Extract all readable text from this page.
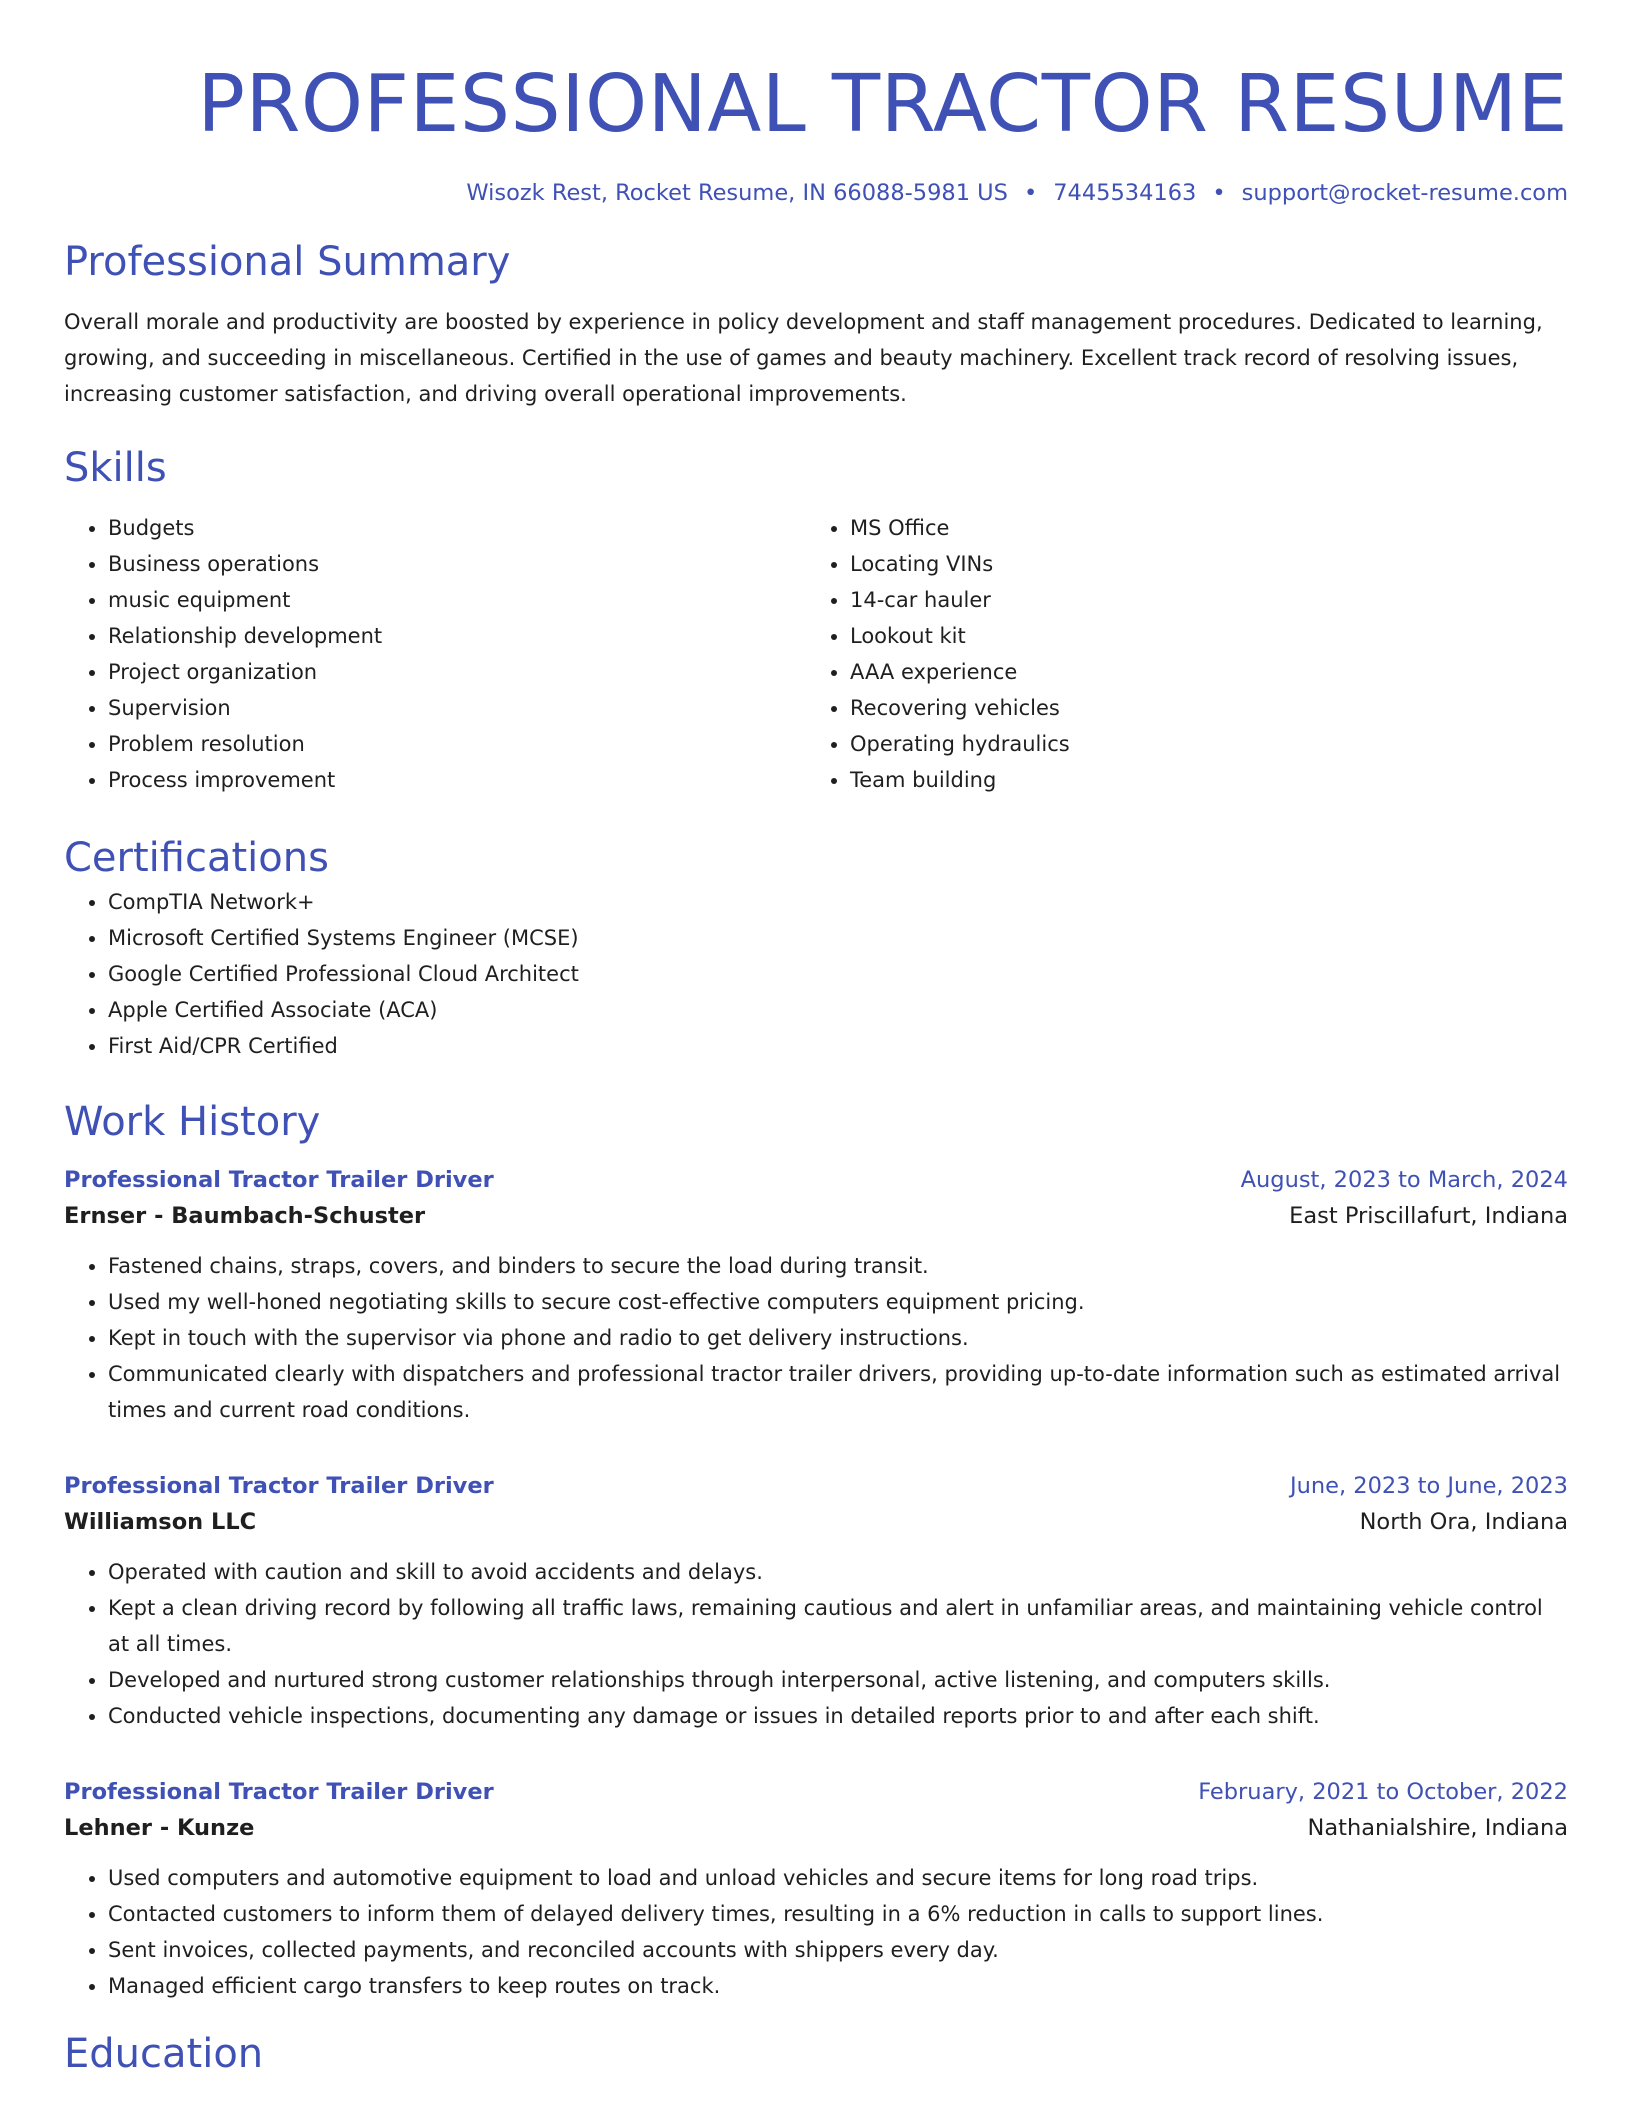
PROFESSIONAL TRACTOR RESUME
Wisozk Rest, Rocket Resume, IN 66088-5981 US • 7445534163 • support@rocket-resume.com
Professional Summary
Overall morale and productivity are boosted by experience in policy development and staff management procedures. Dedicated to learning, growing, and succeeding in miscellaneous. Certified in the use of games and beauty machinery. Excellent track record of resolving issues, increasing customer satisfaction, and driving overall operational improvements.
Skills
• Budgets
• Business operations
• music equipment
• Relationship development
• Project organization
• Supervision
• Problem resolution
• Process improvement
• MS Office
• Locating VINs
• 14-car hauler
• Lookout kit
• AAA experience
• Recovering vehicles
• Operating hydraulics
• Team building
Certifications
• CompTIA Network+
• Microsoft Certified Systems Engineer (MCSE)
• Google Certified Professional Cloud Architect
• Apple Certified Associate (ACA)
• First Aid/CPR Certified
Work History
Professional Tractor Trailer Driver	August, 2023 to March, 2024
Ernser - Baumbach-Schuster	East Priscillafurt, Indiana
• Fastened chains, straps, covers, and binders to secure the load during transit.
• Used my well-honed negotiating skills to secure cost-effective computers equipment pricing.
• Kept in touch with the supervisor via phone and radio to get delivery instructions.
• Communicated clearly with dispatchers and professional tractor trailer drivers, providing up-to-date information such as estimated arrival times and current road conditions.
Professional Tractor Trailer Driver	June, 2023 to June, 2023
Williamson LLC	North Ora, Indiana
• Operated with caution and skill to avoid accidents and delays.
• Kept a clean driving record by following all traffic laws, remaining cautious and alert in unfamiliar areas, and maintaining vehicle control at all times.
• Developed and nurtured strong customer relationships through interpersonal, active listening, and computers skills.
• Conducted vehicle inspections, documenting any damage or issues in detailed reports prior to and after each shift.
Professional Tractor Trailer Driver	February, 2021 to October, 2022
Lehner - Kunze	Nathanialshire, Indiana
• Used computers and automotive equipment to load and unload vehicles and secure items for long road trips.
• Contacted customers to inform them of delayed delivery times, resulting in a 6% reduction in calls to support lines.
• Sent invoices, collected payments, and reconciled accounts with shippers every day.
• Managed efficient cargo transfers to keep routes on track.
Education
